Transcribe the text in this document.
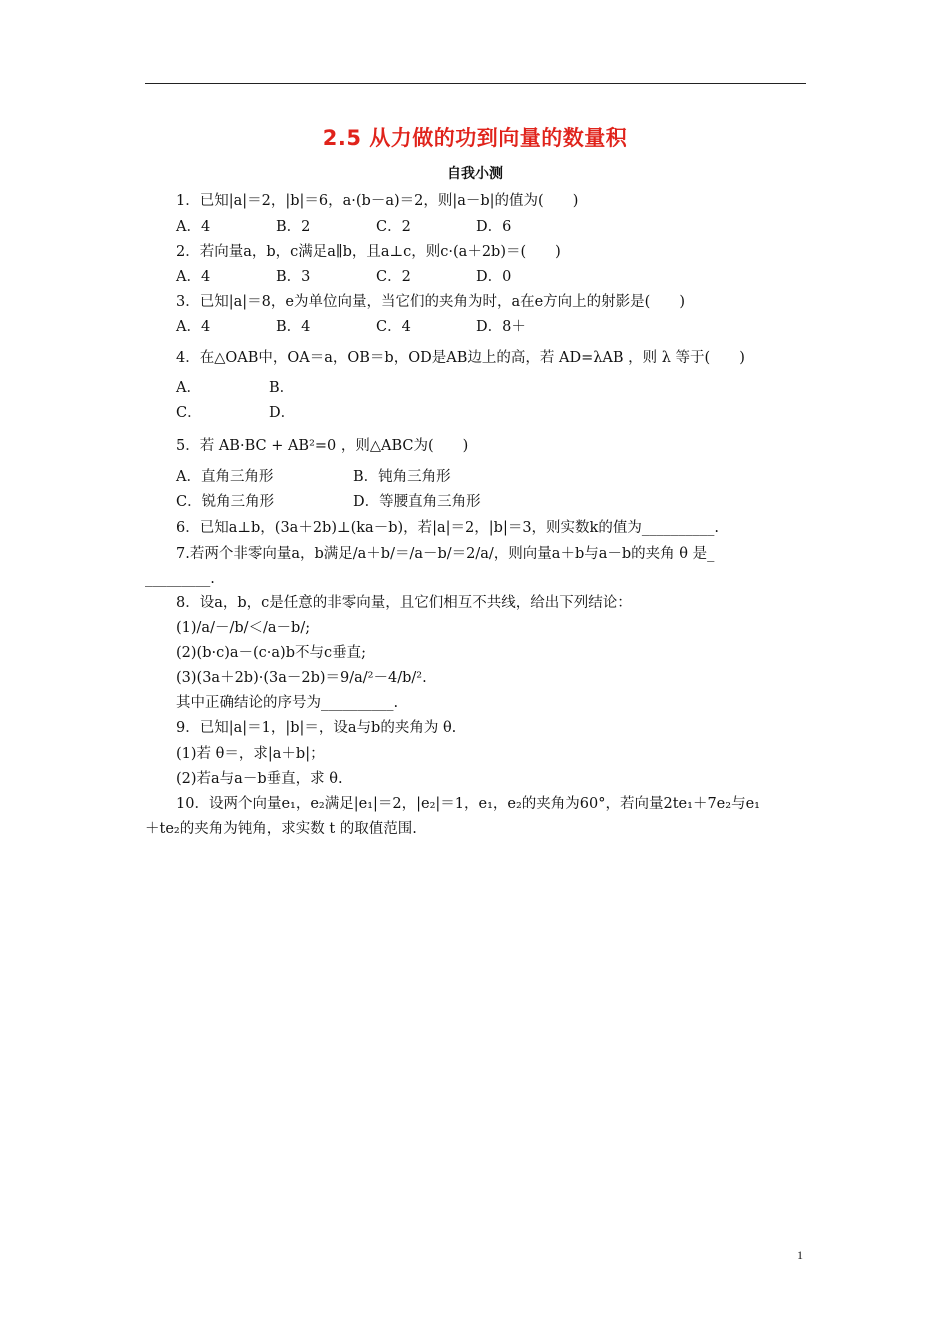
2.5 从力做的功到向量的数量积
自我小测
1．已知|a|＝2，|b|＝6，a·(b－a)＝2，则|a－b|的值为(　　)
A．4	B．2	C．2	D．6
2．若向量a，b，c满足a∥b，且a⊥c，则c·(a＋2b)＝(　　)
A．4	B．3	C．2	D．0
3．已知|a|＝8，e为单位向量，当它们的夹角为时，a在e方向上的射影是(　　)
A．4	B．4	C．4	D．8＋
4．在△OAB中，OA＝a，OB＝b，OD是AB边上的高，若 AD=λAB ，则 λ 等于(　　)
A．	B．
C．	D．
5．若 AB·BC + AB²=0 ，则△ABC为(　　)
A．直角三角形	B．钝角三角形
C．锐角三角形	D．等腰直角三角形
6．已知a⊥b，(3a＋2b)⊥(ka－b)，若|a|＝2，|b|＝3，则实数k的值为__________.
7.若两个非零向量a，b满足/a＋b/＝/a－b/＝2/a/，则向量a＋b与a－b的夹角 θ 是_
_________.
8．设a，b，c是任意的非零向量，且它们相互不共线，给出下列结论：
(1)/a/－/b/＜/a－b/;
(2)(b·c)a－(c·a)b不与c垂直;
(3)(3a＋2b)·(3a－2b)＝9/a/²－4/b/².
其中正确结论的序号为__________.
9．已知|a|＝1，|b|＝，设a与b的夹角为 θ.
(1)若 θ＝，求|a＋b|；
(2)若a与a－b垂直，求 θ.
10．设两个向量e₁，e₂满足|e₁|＝2，|e₂|＝1，e₁，e₂的夹角为60°，若向量2te₁＋7e₂与e₁
＋te₂的夹角为钝角，求实数 t 的取值范围.
1
